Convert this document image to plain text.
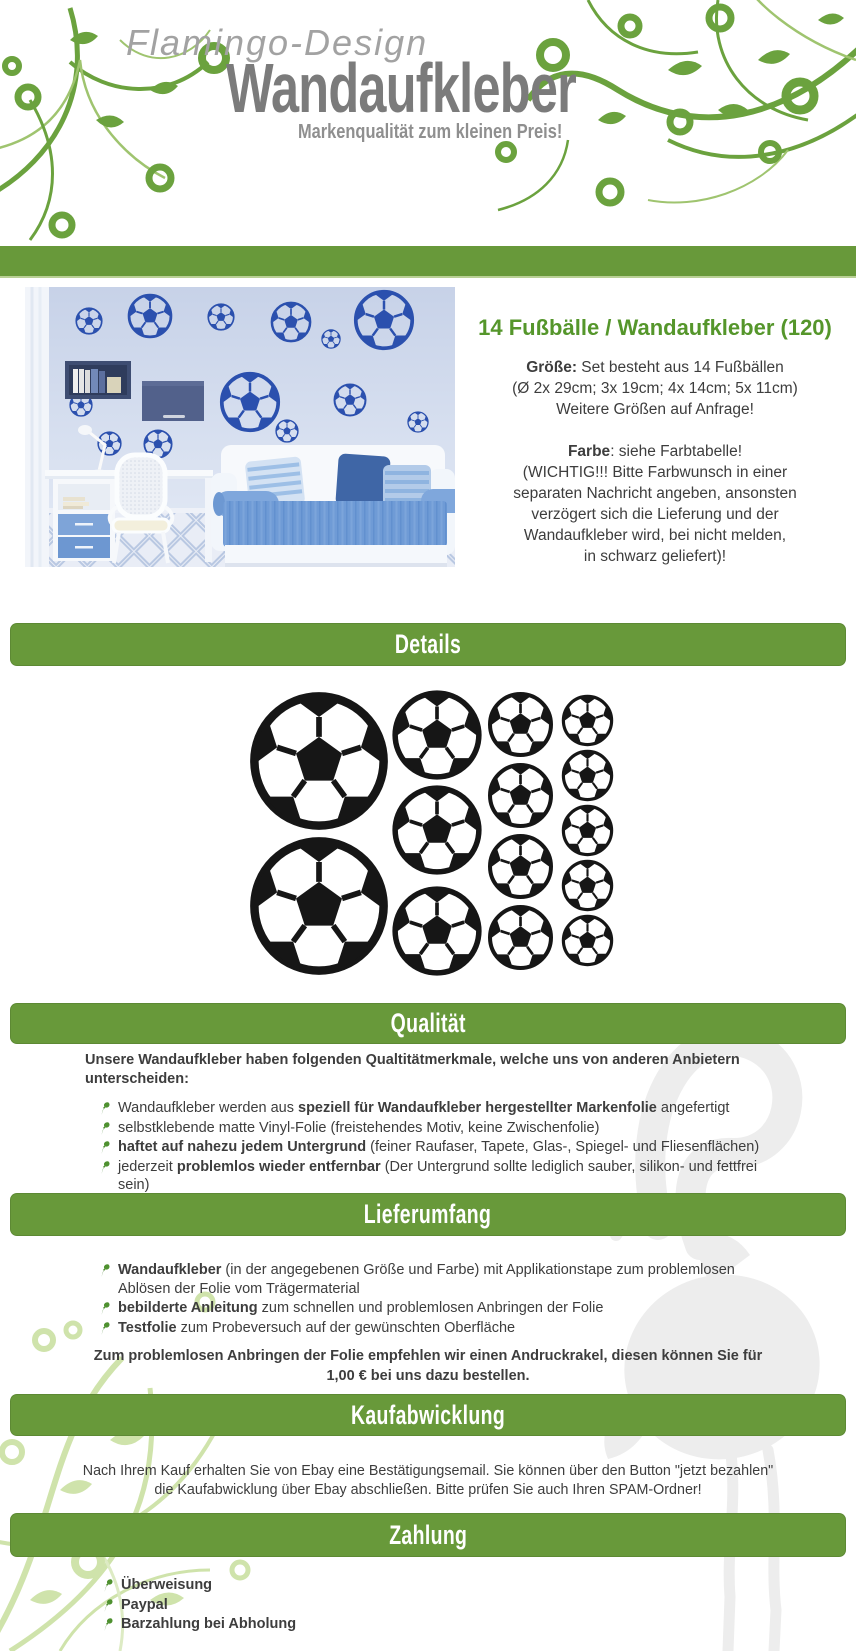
Flamingo-Design
Wandaufkleber
Markenqualität zum kleinen Preis!
14 Fußbälle / Wandaufkleber (120)
Größe: Set besteht aus 14 Fußbällen
(Ø 2x 29cm; 3x 19cm; 4x 14cm; 5x 11cm)
Weitere Größen auf Anfrage!
Farbe: siehe Farbtabelle!
(WICHTIG!!! Bitte Farbwunsch in einer
separaten Nachricht angeben, ansonsten
verzögert sich die Lieferung und der
Wandaufkleber wird, bei nicht melden,
in schwarz geliefert)!
Details
Qualität
Lieferumfang
Kaufabwicklung
Zahlung
Unsere Wandaufkleber haben folgenden Qualtitätmerkmale, welche uns von anderen Anbietern
unterscheiden:
Wandaufkleber werden aus speziell für Wandaufkleber hergestellter Markenfolie angefertigt
selbstklebende matte Vinyl-Folie (freistehendes Motiv, keine Zwischenfolie)
haftet auf nahezu jedem Untergrund (feiner Raufaser, Tapete, Glas-, Spiegel- und Fliesenflächen)
jederzeit problemlos wieder entfernbar (Der Untergrund sollte lediglich sauber, silikon- und fettfrei sein)
Wandaufkleber (in der angegebenen Größe und Farbe) mit Applikationstape zum problemlosen
Ablösen der Folie vom Trägermaterial
bebilderte Anleitung zum schnellen und problemlosen Anbringen der Folie
Testfolie zum Probeversuch auf der gewünschten Oberfläche
Zum problemlosen Anbringen der Folie empfehlen wir einen Andruckrakel, diesen können Sie für
1,00 € bei uns dazu bestellen.
Nach Ihrem Kauf erhalten Sie von Ebay eine Bestätigungsemail. Sie können über den Button "jetzt bezahlen"
die Kaufabwicklung über Ebay abschließen. Bitte prüfen Sie auch Ihren SPAM-Ordner!
Überweisung
Paypal
Barzahlung bei Abholung
